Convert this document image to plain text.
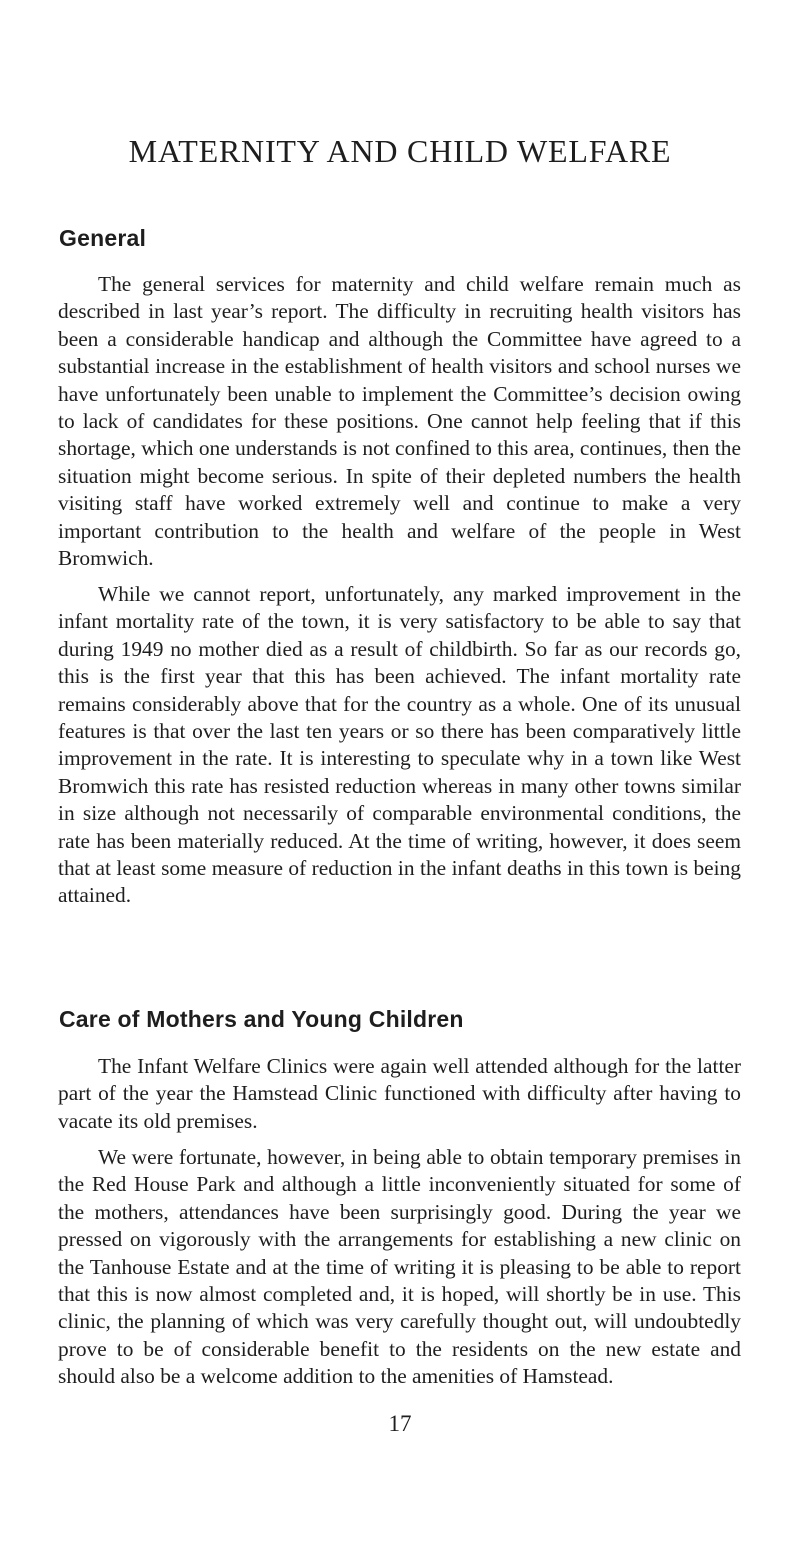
MATERNITY AND CHILD WELFARE
General

The general services for maternity and child welfare remain much as described in last year’s report. The difficulty in recruiting health visitors has been a considerable handicap and although the Committee have agreed to a substantial increase in the establishment of health visitors and school nurses we have unfortunately been unable to implement the Committee’s decision owing to lack of candidates for these positions. One cannot help feeling that if this shortage, which one understands is not confined to this area, continues, then the situation might become serious. In spite of their depleted numbers the health visiting staff have worked extremely well and continue to make a very important contribution to the health and welfare of the people in West Bromwich.

While we cannot report, unfortunately, any marked improvement in the infant mortality rate of the town, it is very satisfactory to be able to say that during 1949 no mother died as a result of childbirth. So far as our records go, this is the first year that this has been achieved. The infant mortality rate remains considerably above that for the country as a whole. One of its unusual features is that over the last ten years or so there has been comparatively little improvement in the rate. It is interesting to speculate why in a town like West Bromwich this rate has resisted reduction whereas in many other towns similar in size although not necessarily of comparable environmental conditions, the rate has been materially reduced. At the time of writing, however, it does seem that at least some measure of reduction in the infant deaths in this town is being attained.

Care of Mothers and Young Children

The Infant Welfare Clinics were again well attended although for the latter part of the year the Hamstead Clinic functioned with difficulty after having to vacate its old premises.

We were fortunate, however, in being able to obtain temporary premises in the Red House Park and although a little inconveniently situated for some of the mothers, attendances have been surprisingly good. During the year we pressed on vigorously with the arrangements for establishing a new clinic on the Tanhouse Estate and at the time of writing it is pleasing to be able to report that this is now almost completed and, it is hoped, will shortly be in use. This clinic, the planning of which was very carefully thought out, will undoubtedly prove to be of considerable benefit to the residents on the new estate and should also be a welcome addition to the amenities of Hamstead.

17
